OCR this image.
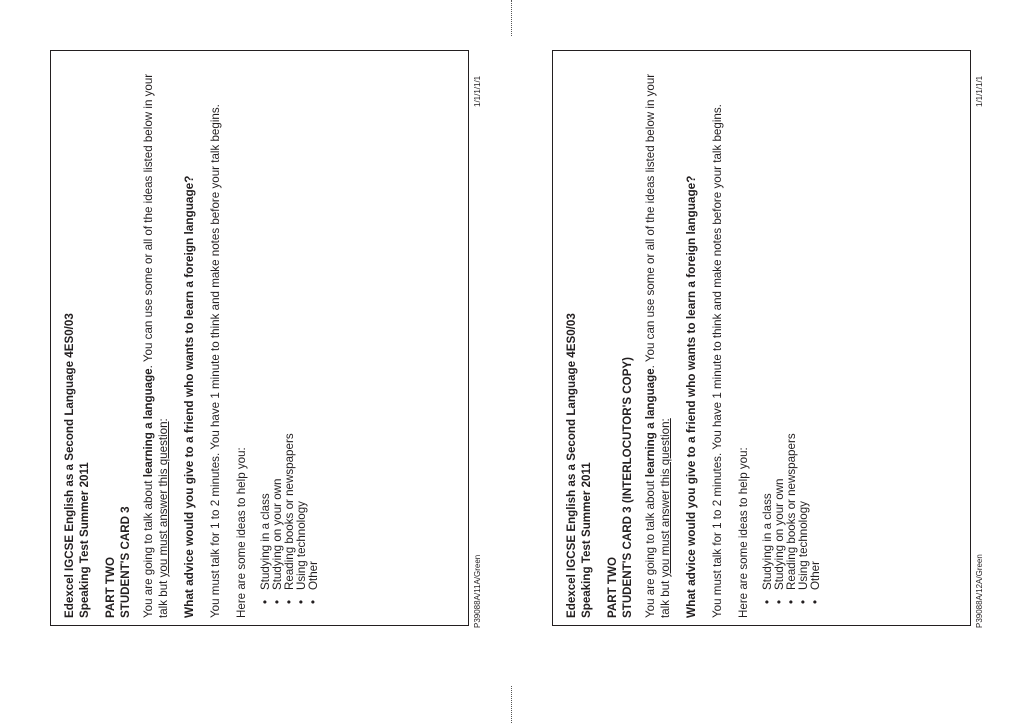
Edexcel IGCSE English as a Second Language 4ES0/03 Speaking Test Summer 2011 PART TWO STUDENT'S CARD 3 You are going to talk about learning a language. You can use some or all of the ideas listed below in your talk but you must answer this question: What advice would you give to a friend who wants to learn a foreign language? You must talk for 1 to 2 minutes. You have 1 minute to think and make notes before your talk begins. Here are some ideas to help you: • Studying in a class • Studying on your own • Reading books or newspapers • Using technology • Other
1/1/1/1/1
P39088A/11A/Green	Edexcel IGCSE English as a Second Language 4ES0/03 Speaking Test Summer 2011 PART TWO STUDENT'S CARD 3 (INTERLOCUTOR'S COPY) You are going to talk about learning a language. You can use some or all of the ideas listed below in your talk but you must answer this question: What advice would you give to a friend who wants to learn a foreign language? You must talk for 1 to 2 minutes. You have 1 minute to think and make notes before your talk begins. Here are some ideas to help you: • Studying in a class • Studying on your own • Reading books or newspapers • Using technology • Other
1/1/1/1/1
P39088A/12A/Green
